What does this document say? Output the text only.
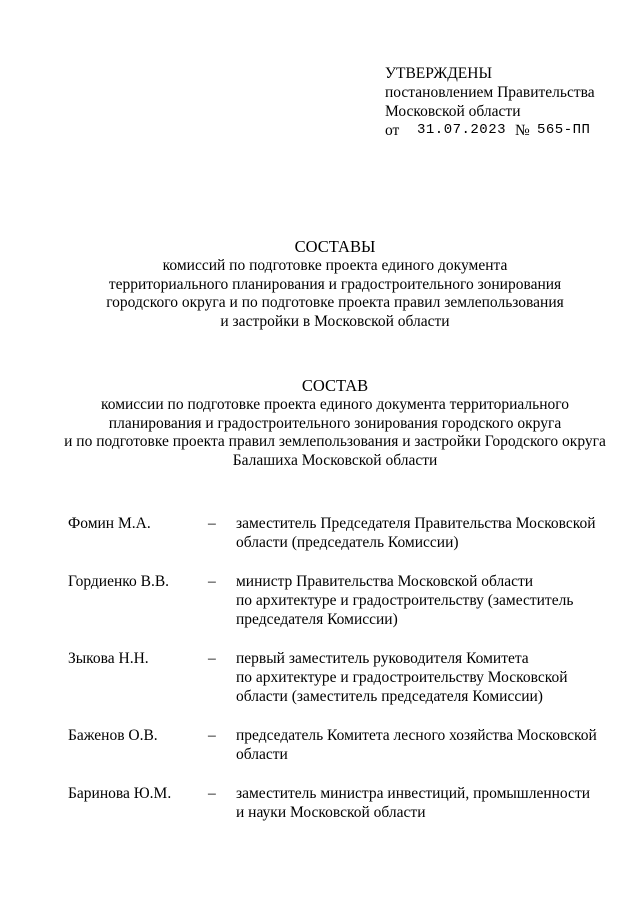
УТВЕРЖДЕНЫ
постановлением Правительства
Московской области
от 31.07.2023 № 565-ПП
СОСТАВЫ
комиссий по подготовке проекта единого документа
территориального планирования и градостроительного зонирования
городского округа и по подготовке проекта правил землепользования
и застройки в Московской области
СОСТАВ
комиссии по подготовке проекта единого документа территориального
планирования и градостроительного зонирования городского округа
и по подготовке проекта правил землепользования и застройки Городского округа
Балашиха Московской области
Фомин М.А.	– заместитель Председателя Правительства Московской
области (председатель Комиссии)
Гордиенко В.В.	– министр Правительства Московской области
по архитектуре и градостроительству (заместитель
председателя Комиссии)
Зыкова Н.Н.	– первый заместитель руководителя Комитета
по архитектуре и градостроительству Московской
области (заместитель председателя Комиссии)
Баженов О.В.	– председатель Комитета лесного хозяйства Московской
области
Баринова Ю.М. – заместитель министра инвестиций, промышленности
и науки Московской области
